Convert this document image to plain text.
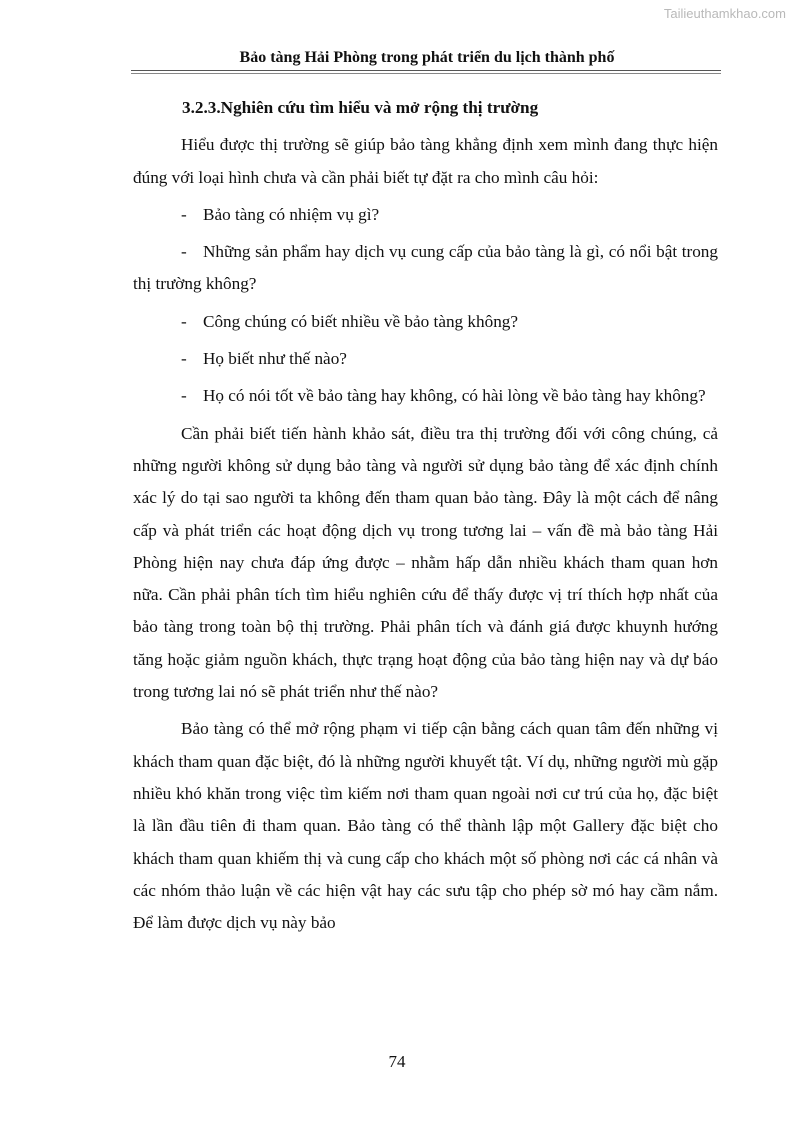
Tailieuthamkhao.com
Bảo tàng Hải Phòng trong phát triển du lịch thành phố

3.2.3.Nghiên cứu tìm hiểu và mở rộng thị trường

Hiểu được thị trường sẽ giúp bảo tàng khẳng định xem mình đang thực hiện đúng với loại hình chưa và cần phải biết tự đặt ra cho mình câu hỏi:

- Bảo tàng có nhiệm vụ gì?

- Những sản phẩm hay dịch vụ cung cấp của bảo tàng là gì, có nổi bật trong thị trường không?

- Công chúng có biết nhiều về bảo tàng không?

- Họ biết như thế nào?

- Họ có nói tốt về bảo tàng hay không, có hài lòng về bảo tàng hay không?

Cần phải biết tiến hành khảo sát, điều tra thị trường đối với công chúng, cả những người không sử dụng bảo tàng và người sử dụng bảo tàng để xác định chính xác lý do tại sao người ta không đến tham quan bảo tàng. Đây là một cách để nâng cấp và phát triển các hoạt động dịch vụ trong tương lai – vấn đề mà bảo tàng Hải Phòng hiện nay chưa đáp ứng được – nhằm hấp dẫn nhiều khách tham quan hơn nữa. Cần phải phân tích tìm hiểu nghiên cứu để thấy được vị trí thích hợp nhất của bảo tàng trong toàn bộ thị trường. Phải phân tích và đánh giá được khuynh hướng tăng hoặc giảm nguồn khách, thực trạng hoạt động của bảo tàng hiện nay và dự báo trong tương lai nó sẽ phát triển như thế nào?

Bảo tàng có thể mở rộng phạm vi tiếp cận bằng cách quan tâm đến những vị khách tham quan đặc biệt, đó là những người khuyết tật. Ví dụ, những người mù gặp nhiều khó khăn trong việc tìm kiếm nơi tham quan ngoài nơi cư trú của họ, đặc biệt là lần đầu tiên đi tham quan. Bảo tàng có thể thành lập một Gallery đặc biệt cho khách tham quan khiếm thị và cung cấp cho khách một số phòng nơi các cá nhân và các nhóm thảo luận về các hiện vật hay các sưu tập cho phép sờ mó hay cầm nắm. Để làm được dịch vụ này bảo

74
